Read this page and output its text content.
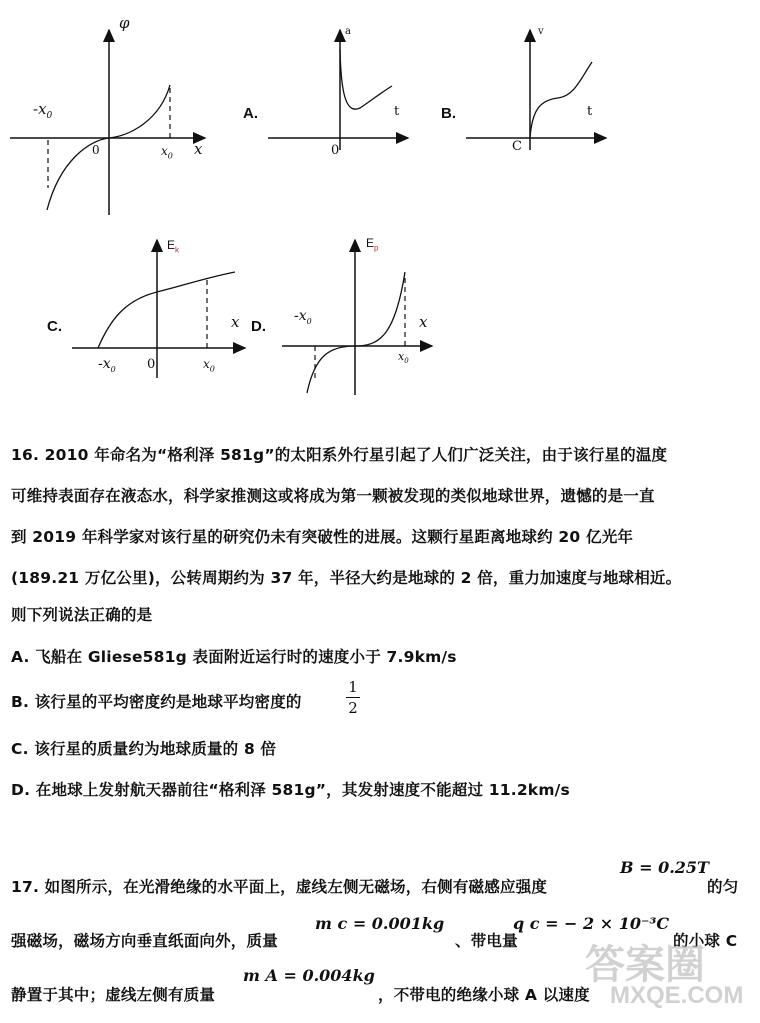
φ
x
$-x_0$
0	$x_0$
A.
a
t
0
B.
v
t
C
C.
$E_k$
x
$-x_0$ 0	$x_0$
D.
$E_p$
x
$-x_0$
$x_0$
16. 2010 年命名为“格利泽 581g”的太阳系外行星引起了人们广泛关注，由于该行星的温度
可维持表面存在液态水，科学家推测这或将成为第一颗被发现的类似地球世界，遗憾的是一直
到 2019 年科学家对该行星的研究仍未有突破性的进展。这颗行星距离地球约 20 亿光年
(189.21 万亿公里)，公转周期约为 37 年，半径大约是地球的 2 倍，重力加速度与地球相近。
则下列说法正确的是
A. 飞船在 Gliese581g 表面附近运行时的速度小于 7.9km/s
B. 该行星的平均密度约是地球平均密度的
1
2
C. 该行星的质量约为地球质量的 8 倍
D. 在地球上发射航天器前往“格利泽 581g”，其发射速度不能超过 11.2km/s
17. 如图所示，在光滑绝缘的水平面上，虚线左侧无磁场，右侧有磁感应强度
B = 0.25T
的匀
强磁场，磁场方向垂直纸面向外，质量
m c = 0.001kg
、带电量
q c = − 2 × 10⁻³C
的小球 C
静置于其中；虚线左侧有质量
m A = 0.004kg
，不带电的绝缘小球 A 以速度
答案圈
MXQE.COM
